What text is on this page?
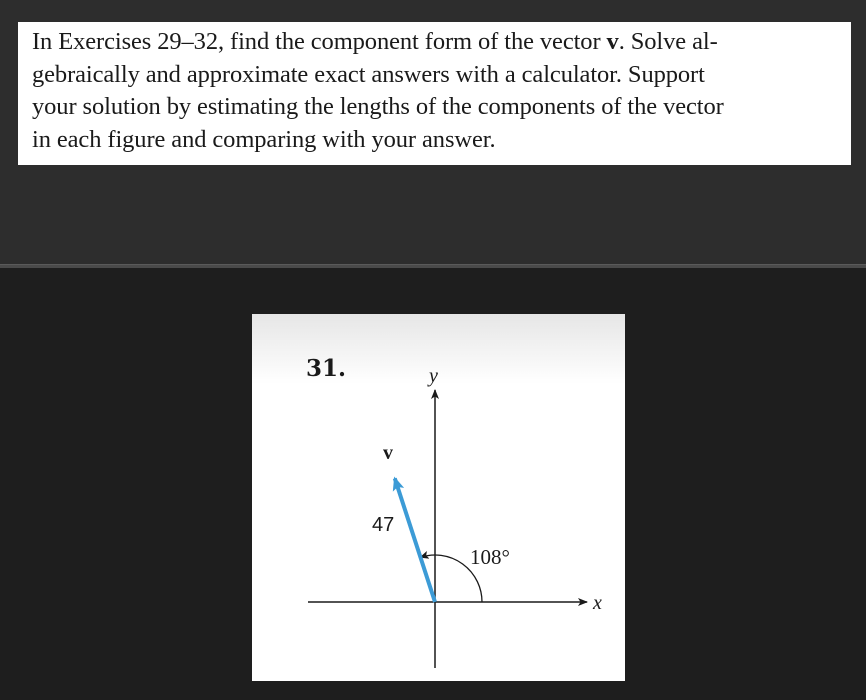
In Exercises 29–32, find the component form of the vector v. Solve al-
gebraically and approximate exact answers with a calculator. Support
your solution by estimating the lengths of the components of the vector
in each figure and comparing with your answer.

31.
x
y
v
47
108°
